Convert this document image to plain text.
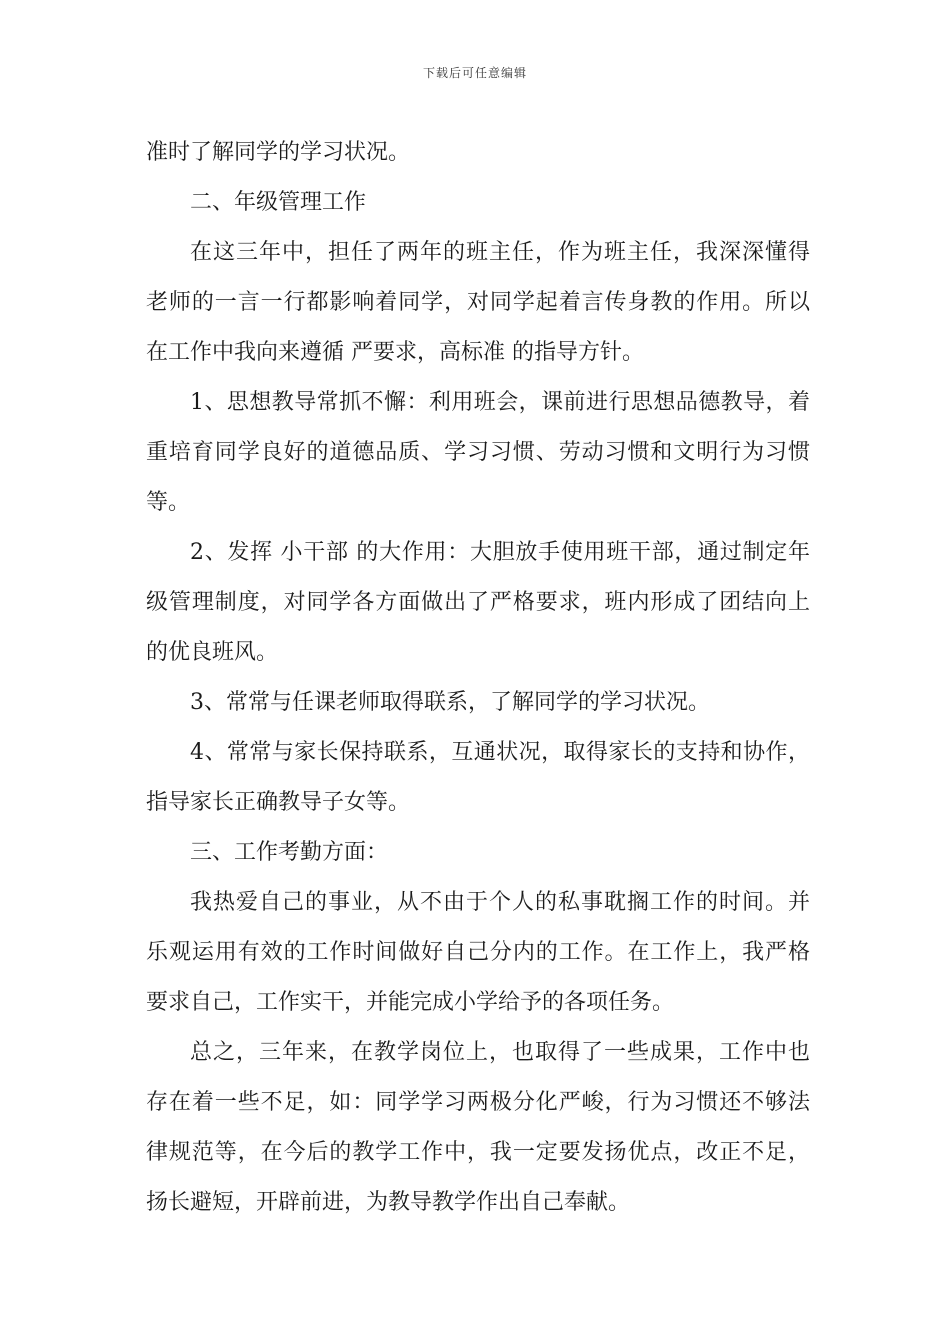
下载后可任意编辑
准时了解同学的学习状况。
二、年级管理工作
在这三年中，担任了两年的班主任，作为班主任，我深深懂得
老师的一言一行都影响着同学，对同学起着言传身教的作用。所以
在工作中我向来遵循 严要求，高标准 的指导方针。
1、思想教导常抓不懈：利用班会，课前进行思想品德教导，着
重培育同学良好的道德品质、学习习惯、劳动习惯和文明行为习惯
等。
2、发挥 小干部 的大作用：大胆放手使用班干部，通过制定年
级管理制度，对同学各方面做出了严格要求，班内形成了团结向上
的优良班风。
3、常常与任课老师取得联系，了解同学的学习状况。
4、常常与家长保持联系，互通状况，取得家长的支持和协作，
指导家长正确教导子女等。
三、工作考勤方面：
我热爱自己的事业，从不由于个人的私事耽搁工作的时间。并
乐观运用有效的工作时间做好自己分内的工作。在工作上，我严格
要求自己，工作实干，并能完成小学给予的各项任务。
总之，三年来，在教学岗位上，也取得了一些成果，工作中也
存在着一些不足，如：同学学习两极分化严峻，行为习惯还不够法
律规范等，在今后的教学工作中，我一定要发扬优点，改正不足，
扬长避短，开辟前进，为教导教学作出自己奉献。
